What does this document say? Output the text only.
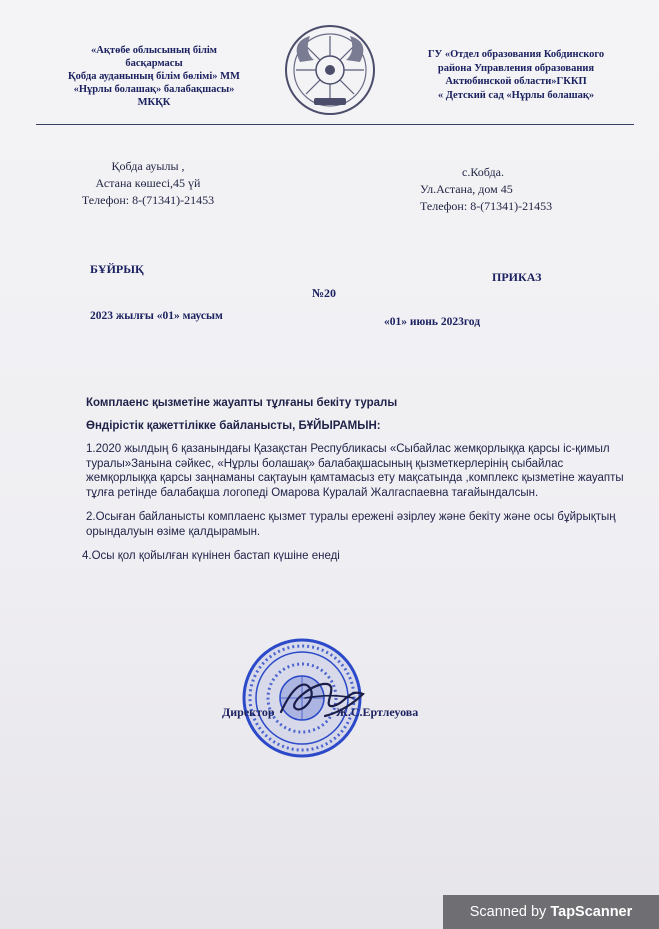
«Ақтөбе облысының білім
басқармасы
Қобда ауданының білім бөлімі» ММ
«Нұрлы болашақ» балабақшасы»
МКҚК
ГУ «Отдел образования Кобдинского
района Управления образования
Актюбинской области»ГККП
« Детский сад «Нұрлы болашақ»
Қобда ауылы ,
Астана көшесі,45 үй
Телефон: 8-(71341)-21453
с.Кобда.
Ул.Астана, дом 45
Телефон: 8-(71341)-21453
БҰЙРЫҚ
ПРИКАЗ
№20
2023 жылғы «01» маусым	«01» июнь 2023год
Комплаенс қызметіне жауапты тұлғаны бекіту туралы
Өндірістік қажеттілікке байланысты, БҰЙЫРАМЫН:
1.2020 жылдың 6 қазанындағы Қазақстан Республикасы «Сыбайлас жемқорлыққа қарсы іс-қимыл туралы»Занына сәйкес, «Нұрлы болашақ» балабақшасының қызметкерлерінің сыбайлас жемқорлыққа қарсы заңнаманы сақтауын қамтамасыз ету мақсатында ,комплекс қызметіне жауапты тұлға ретінде балабақша логопеді Омарова Куралай Жалгаспаевна тағайындалсын.
2.Осыған байланысты комплаенс қызмет туралы ережені әзірлеу және бекіту және осы бұйрықтың орындалуын өзіме қалдырамын.
4.Осы қол қойылған күнінен бастап күшіне енеді
Директор	Ж.С.Ертлеуова
Scanned by TapScanner
